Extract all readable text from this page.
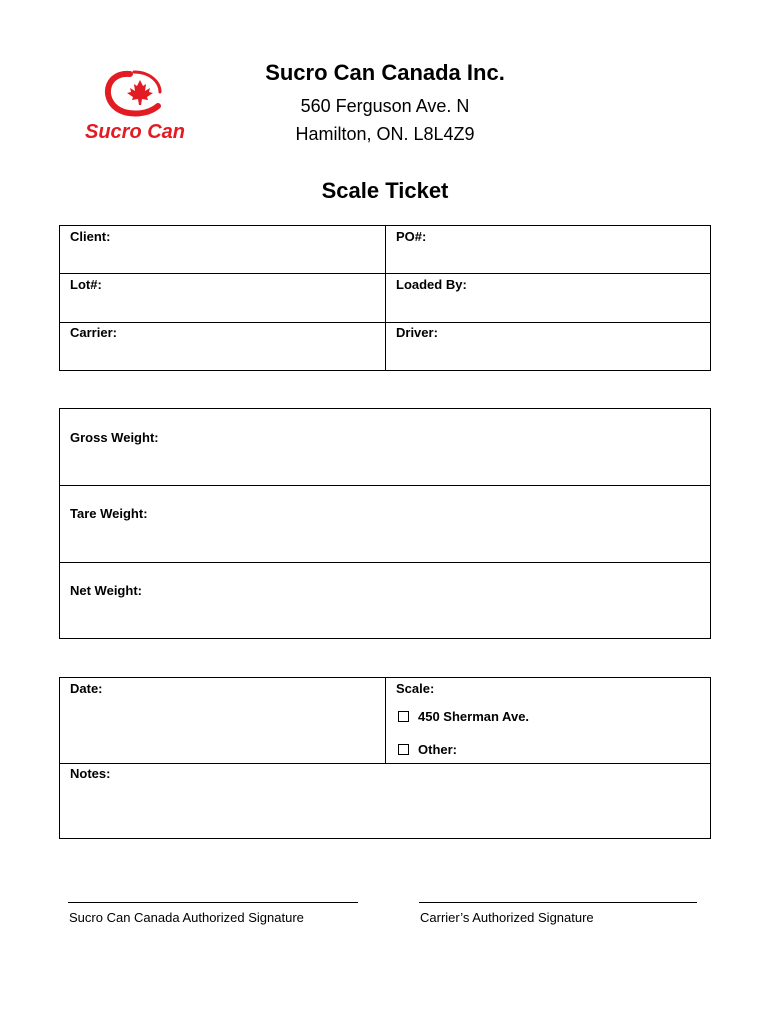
Sucro Can
Sucro Can Canada Inc.
560 Ferguson Ave. N
Hamilton, ON. L8L4Z9
Scale Ticket
Client:	PO#:
Lot#:	Loaded By:
Carrier:	Driver:
Gross Weight:
Tare Weight:
Net Weight:
Date:	Scale:
450 Sherman Ave.
Other:
Notes:
Sucro Can Canada Authorized Signature	Carrier’s Authorized Signature
